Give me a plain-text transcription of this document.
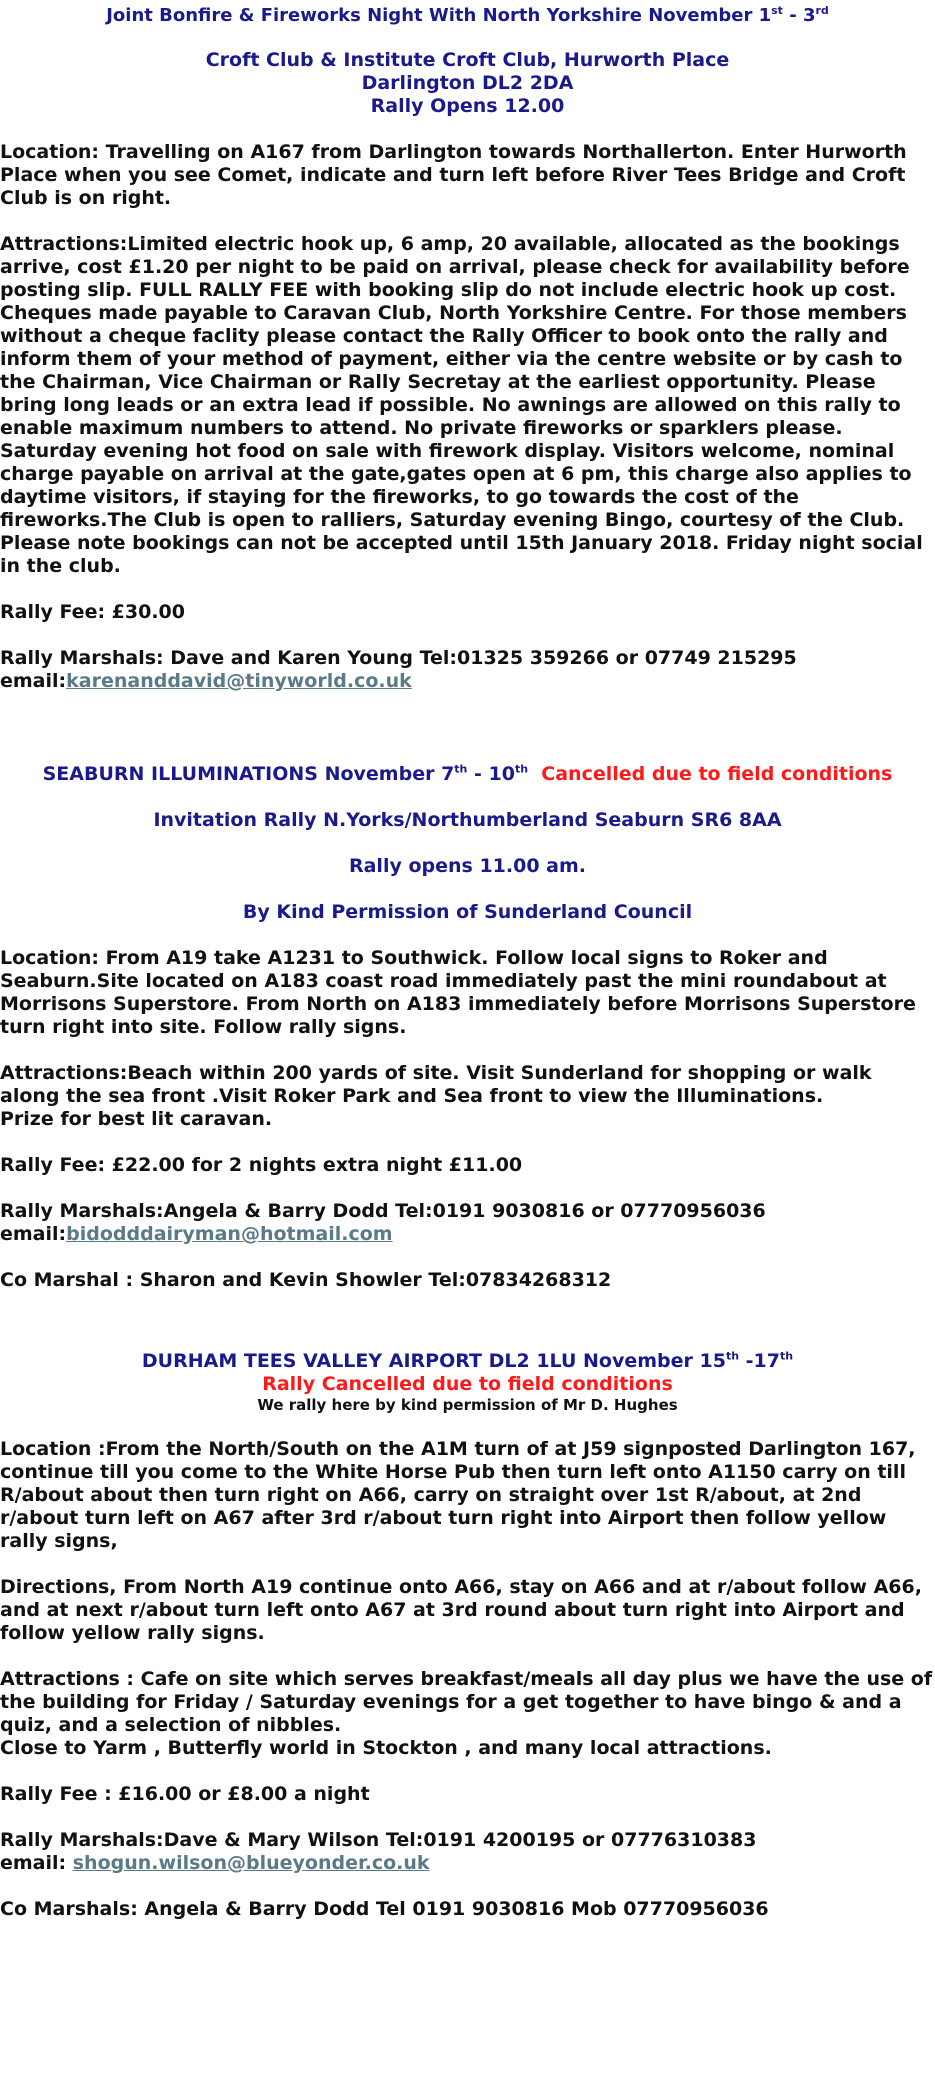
Joint Bonfire & Fireworks Night With North Yorkshire November 1st - 3rd

Croft Club & Institute Croft Club, Hurworth Place

Darlington DL2 2DA

Rally Opens 12.00

Location: Travelling on A167 from Darlington towards Northallerton. Enter Hurworth Place when you see Comet, indicate and turn left before River Tees Bridge and Croft Club is on right.

Attractions:Limited electric hook up, 6 amp, 20 available, allocated as the bookings arrive, cost £1.20 per night to be paid on arrival, please check for availability before posting slip. FULL RALLY FEE with booking slip do not include electric hook up cost. Cheques made payable to Caravan Club, North Yorkshire Centre. For those members without a cheque faclity please contact the Rally Officer to book onto the rally and inform them of your method of payment, either via the centre website or by cash to the Chairman, Vice Chairman or Rally Secretay at the earliest opportunity. Please bring long leads or an extra lead if possible. No awnings are allowed on this rally to enable maximum numbers to attend. No private fireworks or sparklers please. Saturday evening hot food on sale with firework display. Visitors welcome, nominal charge payable on arrival at the gate,gates open at 6 pm, this charge also applies to daytime visitors, if staying for the fireworks, to go towards the cost of the fireworks.The Club is open to ralliers, Saturday evening Bingo, courtesy of the Club. Please note bookings can not be accepted until 15th January 2018. Friday night social in the club.

Rally Fee: £30.00

Rally Marshals: Dave and Karen Young Tel:01325 359266 or 07749 215295

email:karenanddavid@tinyworld.co.uk

SEABURN ILLUMINATIONS November 7th - 10th Cancelled due to field conditions

Invitation Rally N.Yorks/Northumberland Seaburn SR6 8AA

Rally opens 11.00 am.

By Kind Permission of Sunderland Council

Location: From A19 take A1231 to Southwick. Follow local signs to Roker and Seaburn.Site located on A183 coast road immediately past the mini roundabout at Morrisons Superstore. From North on A183 immediately before Morrisons Superstore turn right into site. Follow rally signs.

Attractions:Beach within 200 yards of site. Visit Sunderland for shopping or walk along the sea front .Visit Roker Park and Sea front to view the Illuminations.

Prize for best lit caravan.

Rally Fee: £22.00 for 2 nights extra night £11.00

Rally Marshals:Angela & Barry Dodd Tel:0191 9030816 or 07770956036

email:bidodddairyman@hotmail.com

Co Marshal : Sharon and Kevin Showler Tel:07834268312

DURHAM TEES VALLEY AIRPORT DL2 1LU November 15th -17th

Rally Cancelled due to field conditions

We rally here by kind permission of Mr D. Hughes

Location :From the North/South on the A1M turn of at J59 signposted Darlington 167, continue till you come to the White Horse Pub then turn left onto A1150 carry on till R/about about then turn right on A66, carry on straight over 1st R/about, at 2nd r/about turn left on A67 after 3rd r/about turn right into Airport then follow yellow rally signs,

Directions, From North A19 continue onto A66, stay on A66 and at r/about follow A66, and at next r/about turn left onto A67 at 3rd round about turn right into Airport and follow yellow rally signs.

Attractions : Cafe on site which serves breakfast/meals all day plus we have the use of the building for Friday / Saturday evenings for a get together to have bingo & and a quiz, and a selection of nibbles.

Close to Yarm , Butterfly world in Stockton , and many local attractions.

Rally Fee : £16.00 or £8.00 a night

Rally Marshals:Dave & Mary Wilson Tel:0191 4200195 or 07776310383

email: shogun.wilson@blueyonder.co.uk

Co Marshals: Angela & Barry Dodd Tel 0191 9030816 Mob 07770956036
